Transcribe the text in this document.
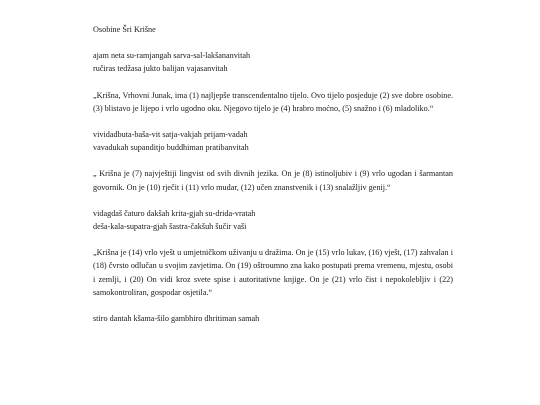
Osobine Šri Krišne

ajam neta su-ramjangah sarva-sal-lakšananvitah
ručiras tedžasa jukto balijan vajasanvitah

„Krišna, Vrhovni Junak, ima (1) najljepše transcendentalno tijelo. Ovo tijelo posjeduje (2) sve dobre osobine. (3) blistavo je lijepo i vrlo ugodno oku. Njegovo tijelo je (4) hrabro moćno, (5) snažno i (6) mladoliko.“

vividadbuta-baša-vit satja-vakjah prijam-vadah
vavadukah supanditjo buddhiman pratibanvitah

„ Krišna je (7) najvještiji lingvist od svih divnih jezika. On je (8) istinoljubiv i (9) vrlo ugodan i šarmantan govornik. On je (10) rječit i (11) vrlo mudar, (12) učen znanstvenik i (13) snalažljiv genij.“

vidagdaš čaturo dakšah krita-gjah su-drida-vratah
deša-kala-supatra-gjah šastra-čakšuh šučir vaši

„Krišna je (14) vrlo vješt u umjetničkom uživanju u dražima. On je (15) vrlo lukav, (16) vješt, (17) zahvalan i (18) čvrsto odlučan u svojim zavjetima. On (19) oštroumno zna kako postupati prema vremenu, mjestu, osobi i zemlji, i (20) On vidi kroz svete spise i autoritativne knjige. On je (21) vrlo čist i nepokolebljiv i (22) samokontroliran, gospodar osjetila.“

stiro dantah kšama-šilo gambhiro dhritiman samah
